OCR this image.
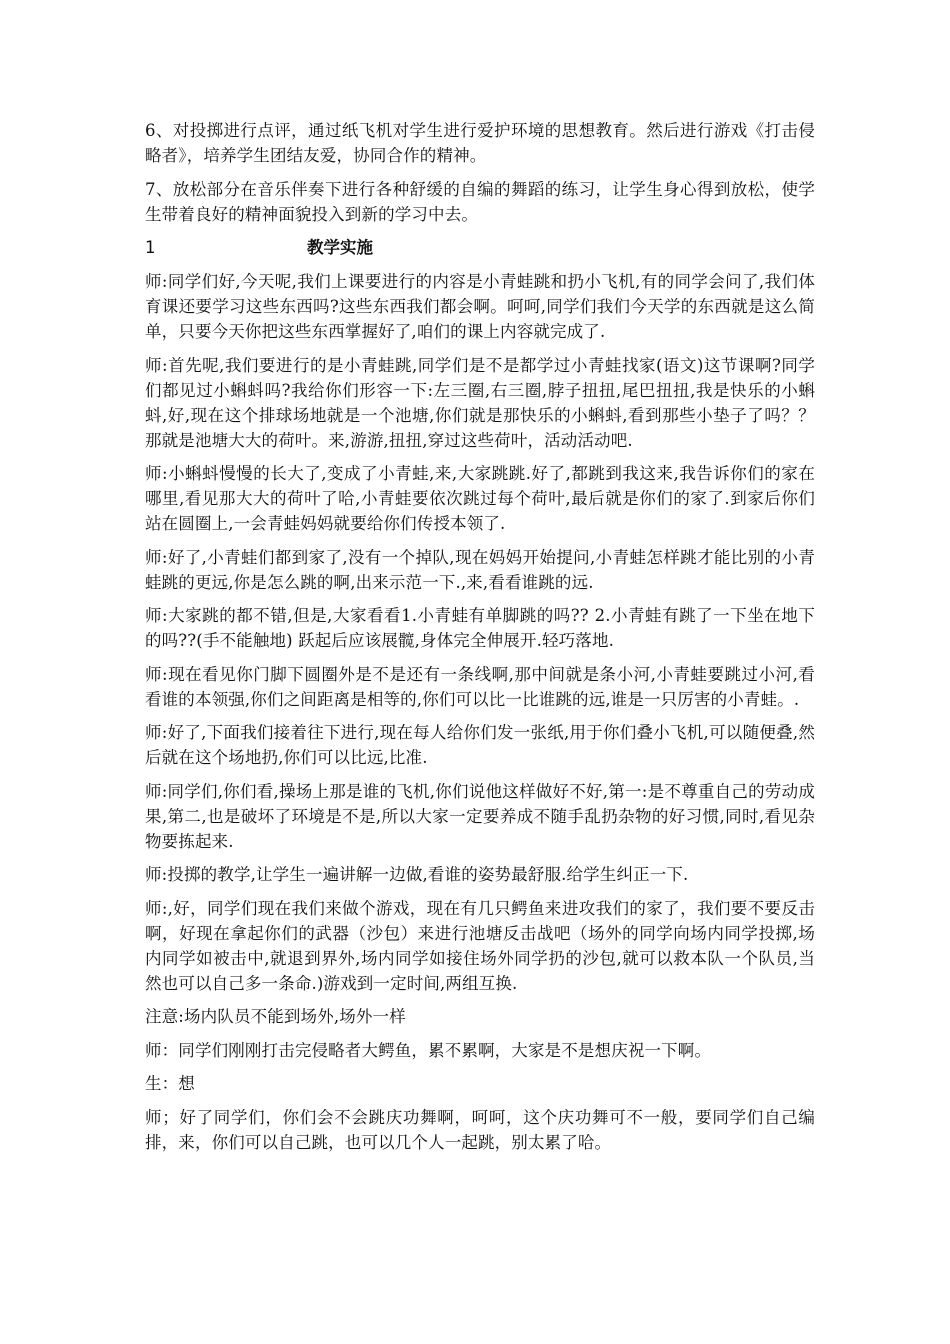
6、对投掷进行点评，通过纸飞机对学生进行爱护环境的思想教育。然后进行游戏《打击侵略者》，培养学生团结友爱，协同合作的精神。

7、放松部分在音乐伴奏下进行各种舒缓的自编的舞蹈的练习，让学生身心得到放松，使学生带着良好的精神面貌投入到新的学习中去。

1	教学实施

师:同学们好,今天呢,我们上课要进行的内容是小青蛙跳和扔小飞机,有的同学会问了,我们体育课还要学习这些东西吗?这些东西我们都会啊。呵呵,同学们我们今天学的东西就是这么简单，只要今天你把这些东西掌握好了,咱们的课上内容就完成了.

师:首先呢,我们要进行的是小青蛙跳,同学们是不是都学过小青蛙找家(语文)这节课啊?同学们都见过小蝌蚪吗?我给你们形容一下:左三圈,右三圈,脖子扭扭,尾巴扭扭,我是快乐的小蝌蚪,好,现在这个排球场地就是一个池塘,你们就是那快乐的小蝌蚪,看到那些小垫子了吗？？那就是池塘大大的荷叶。来,游游,扭扭,穿过这些荷叶，活动活动吧.

师:小蝌蚪慢慢的长大了,变成了小青蛙,来,大家跳跳.好了,都跳到我这来,我告诉你们的家在哪里,看见那大大的荷叶了哈,小青蛙要依次跳过每个荷叶,最后就是你们的家了.到家后你们站在圆圈上,一会青蛙妈妈就要给你们传授本领了.

师:好了,小青蛙们都到家了,没有一个掉队,现在妈妈开始提问,小青蛙怎样跳才能比别的小青蛙跳的更远,你是怎么跳的啊,出来示范一下.,来,看看谁跳的远.

师:大家跳的都不错,但是,大家看看1.小青蛙有单脚跳的吗?? 2.小青蛙有跳了一下坐在地下的吗??(手不能触地) 跃起后应该展髋,身体完全伸展开.轻巧落地.

师:现在看见你门脚下圆圈外是不是还有一条线啊,那中间就是条小河,小青蛙要跳过小河,看看谁的本领强,你们之间距离是相等的,你们可以比一比谁跳的远,谁是一只厉害的小青蛙。.

师:好了,下面我们接着往下进行,现在每人给你们发一张纸,用于你们叠小飞机,可以随便叠,然后就在这个场地扔,你们可以比远,比准.

师:同学们,你们看,操场上那是谁的飞机,你们说他这样做好不好,第一:是不尊重自己的劳动成果,第二,也是破坏了环境是不是,所以大家一定要养成不随手乱扔杂物的好习惯,同时,看见杂物要拣起来.

师:投掷的教学,让学生一遍讲解一边做,看谁的姿势最舒服.给学生纠正一下.

师:,好，同学们现在我们来做个游戏，现在有几只鳄鱼来进攻我们的家了，我们要不要反击啊，好现在拿起你们的武器（沙包）来进行池塘反击战吧（场外的同学向场内同学投掷,场内同学如被击中,就退到界外,场内同学如接住场外同学扔的沙包,就可以救本队一个队员,当然也可以自己多一条命.)游戏到一定时间,两组互换.

注意:场内队员不能到场外,场外一样

师：同学们刚刚打击完侵略者大鳄鱼，累不累啊，大家是不是想庆祝一下啊。

生：想

师；好了同学们，你们会不会跳庆功舞啊，呵呵，这个庆功舞可不一般，要同学们自己编排，来，你们可以自己跳，也可以几个人一起跳，别太累了哈。
